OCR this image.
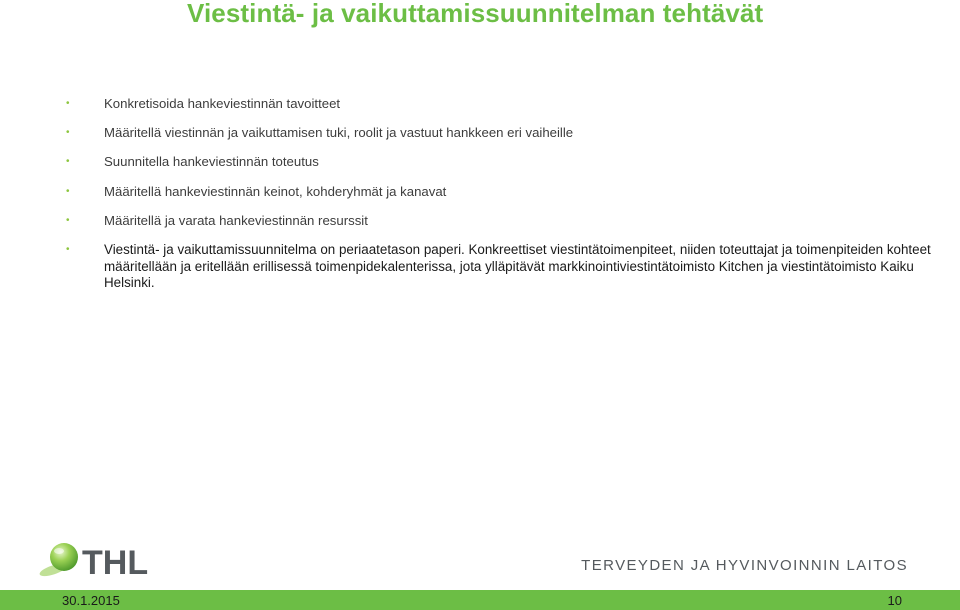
Viestintä- ja vaikuttamissuunnitelman tehtävät
•	Konkretisoida hankeviestinnän tavoitteet
•	Määritellä viestinnän ja vaikuttamisen tuki, roolit ja vastuut hankkeen eri vaiheille
•	Suunnitella hankeviestinnän toteutus
•	Määritellä hankeviestinnän keinot, kohderyhmät ja kanavat
•	Määritellä ja varata hankeviestinnän resurssit
•	Viestintä- ja vaikuttamissuunnitelma on periaatetason paperi. Konkreettiset viestintätoimenpiteet, niiden toteuttajat ja toimenpiteiden kohteet määritellään ja eritellään erillisessä toimenpidekalenterissa, jota ylläpitävät markkinointiviestintätoimisto Kitchen ja viestintätoimisto Kaiku Helsinki.
THL	TERVEYDEN JA HYVINVOINNIN LAITOS

30.1.2015	10
